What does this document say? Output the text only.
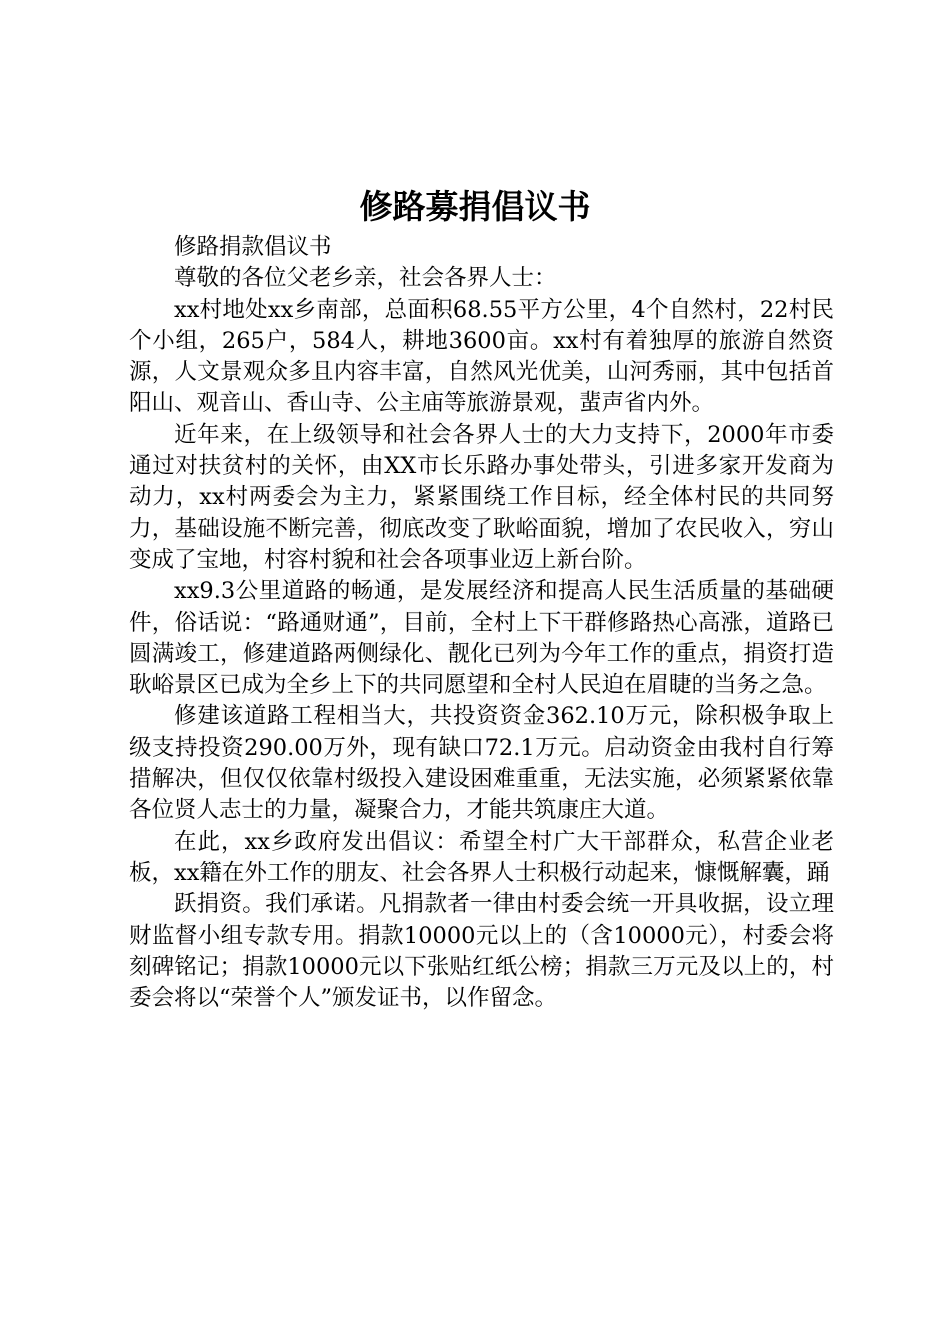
修路募捐倡议书

修路捐款倡议书

尊敬的各位父老乡亲，社会各界人士：

xx村地处xx乡南部，总面积68.55平方公里，4个自然村，22村民个小组，265户，584人，耕地3600亩。xx村有着独厚的旅游自然资源，人文景观众多且内容丰富，自然风光优美，山河秀丽，其中包括首阳山、观音山、香山寺、公主庙等旅游景观，蜚声省内外。

近年来，在上级领导和社会各界人士的大力支持下，2000年市委通过对扶贫村的关怀，由XX市长乐路办事处带头，引进多家开发商为动力，xx村两委会为主力，紧紧围绕工作目标，经全体村民的共同努力，基础设施不断完善，彻底改变了耿峪面貌，增加了农民收入，穷山变成了宝地，村容村貌和社会各项事业迈上新台阶。

xx9.3公里道路的畅通，是发展经济和提高人民生活质量的基础硬件，俗话说：“路通财通”，目前，全村上下干群修路热心高涨，道路已圆满竣工，修建道路两侧绿化、靓化已列为今年工作的重点，捐资打造耿峪景区已成为全乡上下的共同愿望和全村人民迫在眉睫的当务之急。

修建该道路工程相当大，共投资资金362.10万元，除积极争取上级支持投资290.00万外，现有缺口72.1万元。启动资金由我村自行筹措解决，但仅仅依靠村级投入建设困难重重，无法实施，必须紧紧依靠各位贤人志士的力量，凝聚合力，才能共筑康庄大道。

在此，xx乡政府发出倡议：希望全村广大干部群众，私营企业老板，xx籍在外工作的朋友、社会各界人士积极行动起来，慷慨解囊，踊

跃捐资。我们承诺。凡捐款者一律由村委会统一开具收据，设立理财监督小组专款专用。捐款10000元以上的（含10000元），村委会将刻碑铭记；捐款10000元以下张贴红纸公榜；捐款三万元及以上的，村委会将以“荣誉个人”颁发证书，以作留念。
